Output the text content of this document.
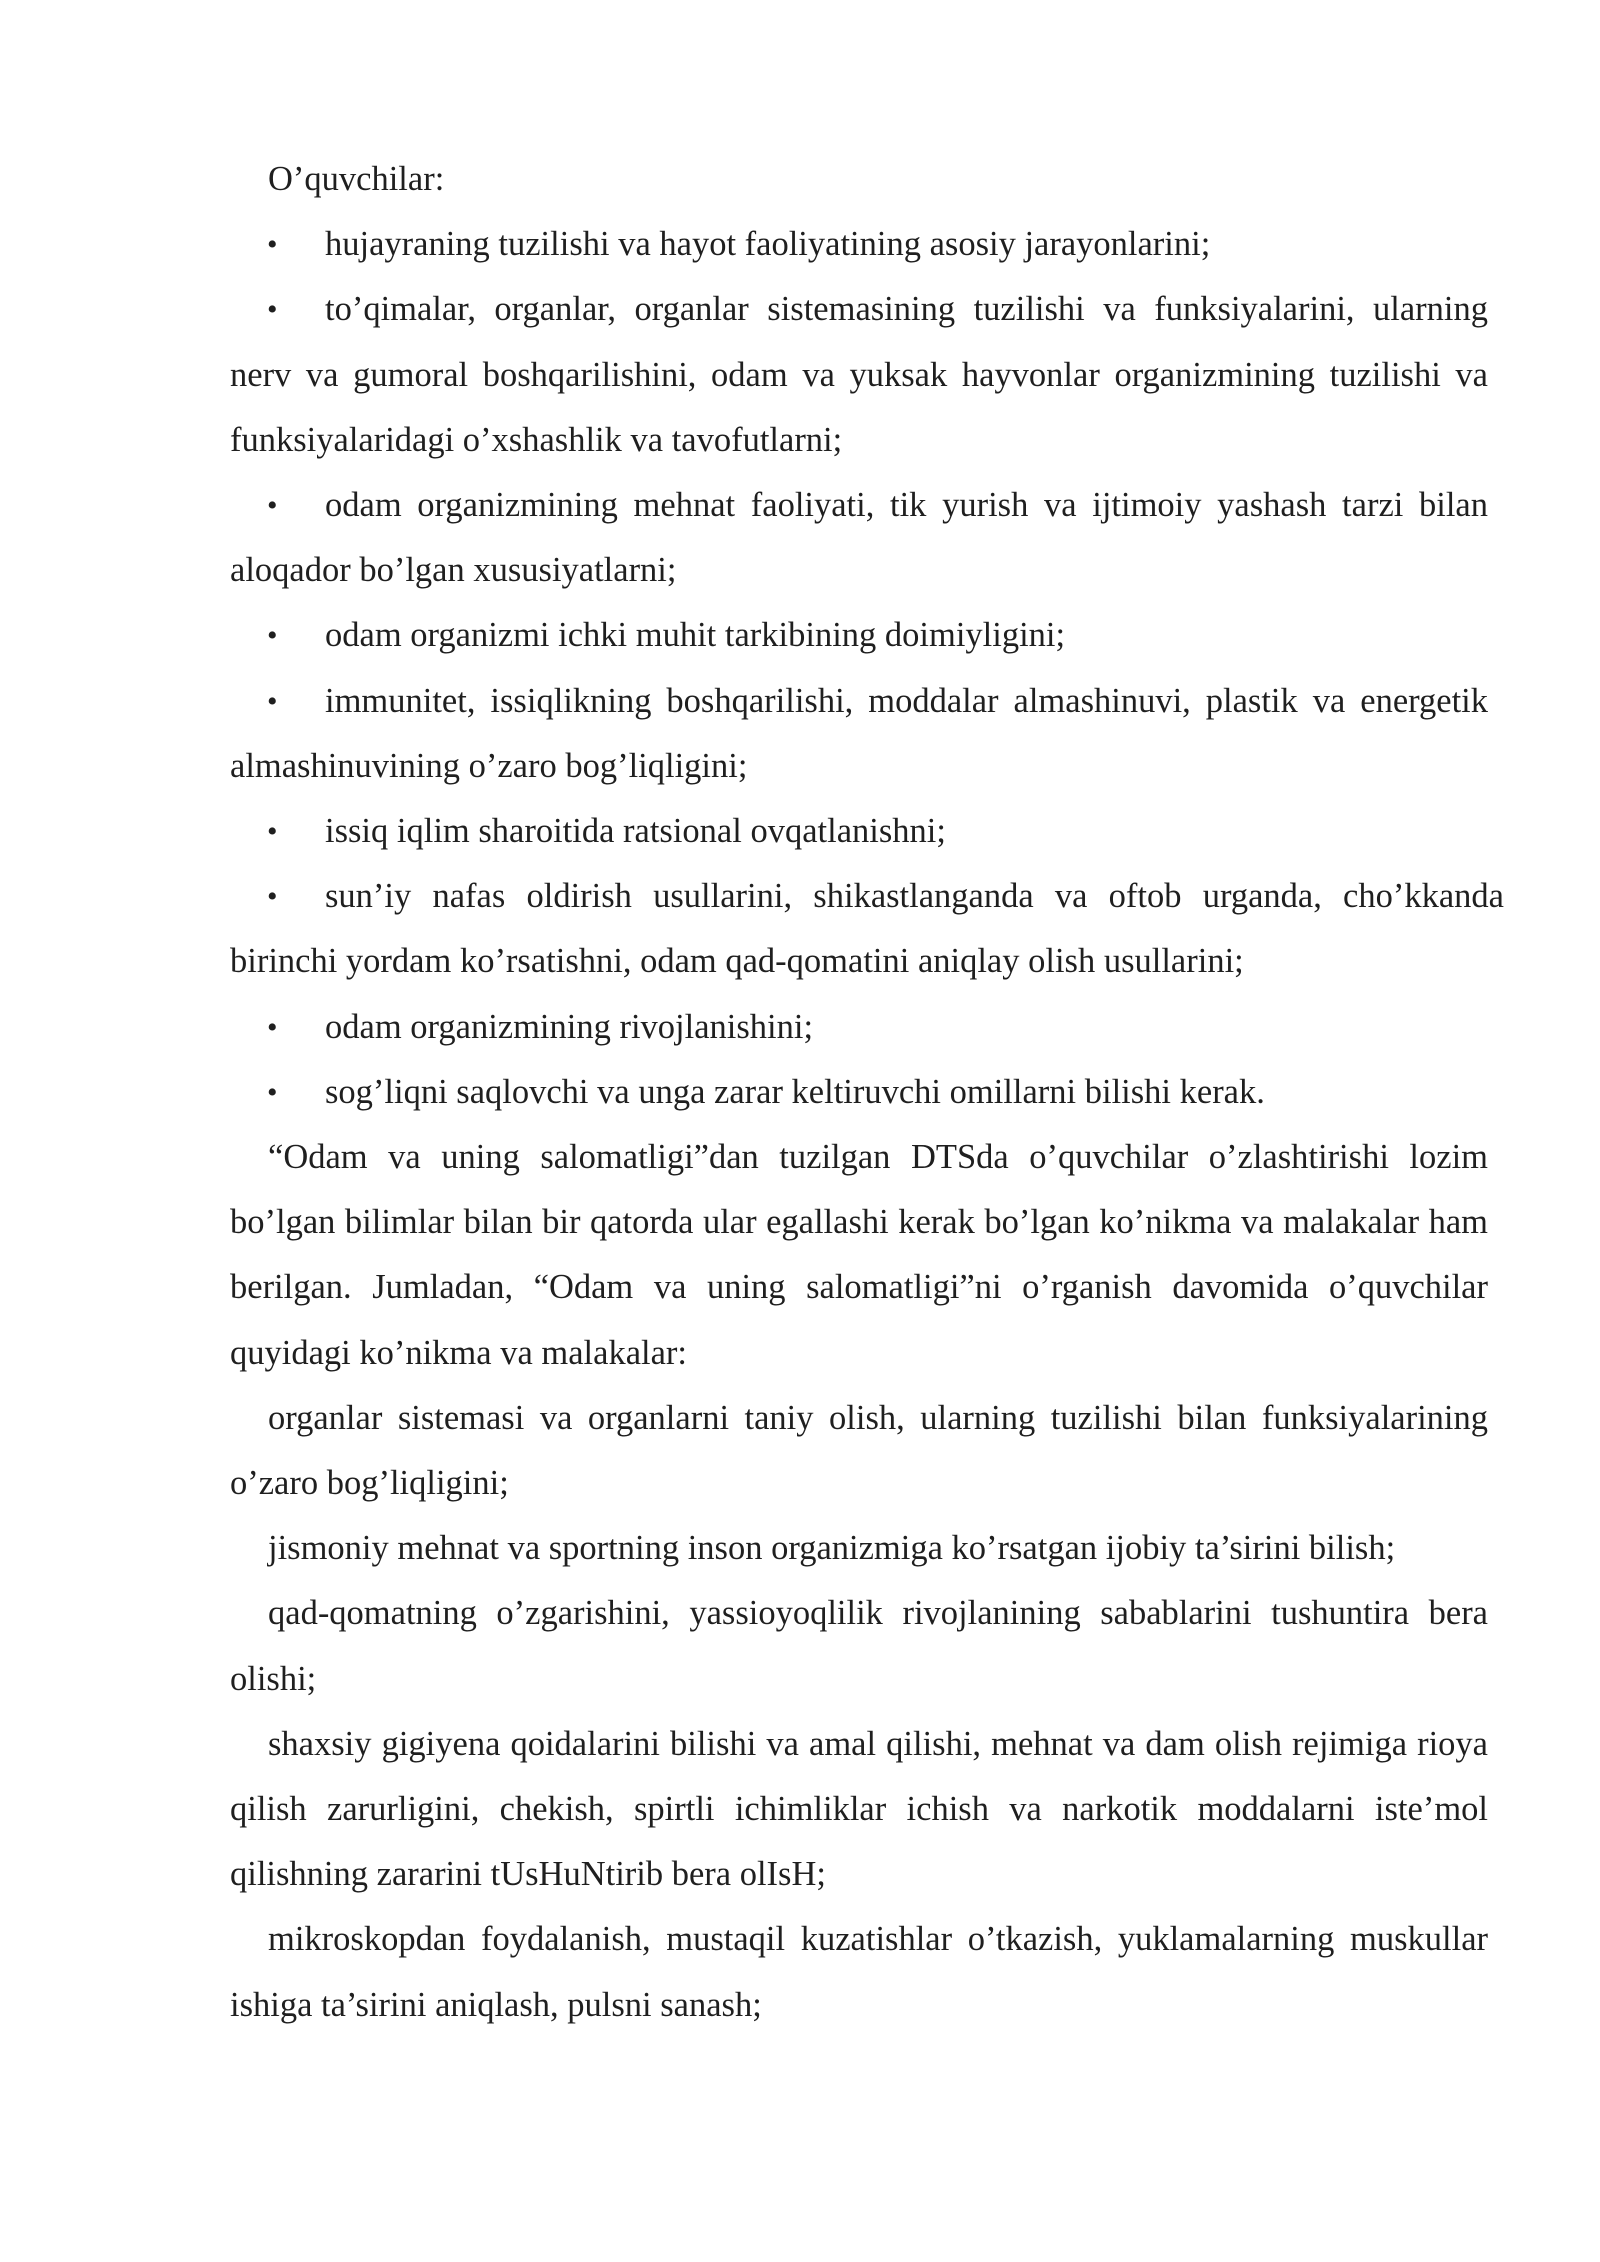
O’quvchilar:

• hujayraning tuzilishi va hayot faoliyatining asosiy jarayonlarini;

• to’qimalar, organlar, organlar sistemasining tuzilishi va funksiyalarini, ularning nerv va gumoral boshqarilishini, odam va yuksak hayvonlar organizmining tuzilishi va funksiyalaridagi o’xshashlik va tavofutlarni;

• odam organizmining mehnat faoliyati, tik yurish va ijtimoiy yashash tarzi bilan aloqador bo’lgan xususiyatlarni;

• odam organizmi ichki muhit tarkibining doimiyligini;

• immunitet, issiqlikning boshqarilishi, moddalar almashinuvi, plastik va energetik almashinuvining o’zaro bog’liqligini;

• issiq iqlim sharoitida ratsional ovqatlanishni;

• sun’iy nafas oldirish usullarini, shikastlanganda va oftob urganda, cho’kkanda birinchi yordam ko’rsatishni, odam qad-qomatini aniqlay olish usullarini;

• odam organizmining rivojlanishini;

• sog’liqni saqlovchi va unga zarar keltiruvchi omillarni bilishi kerak.

“Odam va uning salomatligi”dan tuzilgan DTSda o’quvchilar o’zlashtirishi lozim bo’lgan bilimlar bilan bir qatorda ular egallashi kerak bo’lgan ko’nikma va malakalar ham berilgan. Jumladan, “Odam va uning salomatligi”ni o’rganish davomida o’quvchilar quyidagi ko’nikma va malakalar:

organlar sistemasi va organlarni taniy olish, ularning tuzilishi bilan funksiyalarining o’zaro bog’liqligini;

jismoniy mehnat va sportning inson organizmiga ko’rsatgan ijobiy ta’sirini bilish;

qad-qomatning o’zgarishini, yassioyoqlilik rivojlanining sabablarini tushuntira bera olishi;

shaxsiy gigiyena qoidalarini bilishi va amal qilishi, mehnat va dam olish rejimiga rioya qilish zarurligini, chekish, spirtli ichimliklar ichish va narkotik moddalarni iste’mol qilishning zararini tUsHuNtirib bera olIsH;

mikroskopdan foydalanish, mustaqil kuzatishlar o’tkazish, yuklamalarning muskullar ishiga ta’sirini aniqlash, pulsni sanash;
